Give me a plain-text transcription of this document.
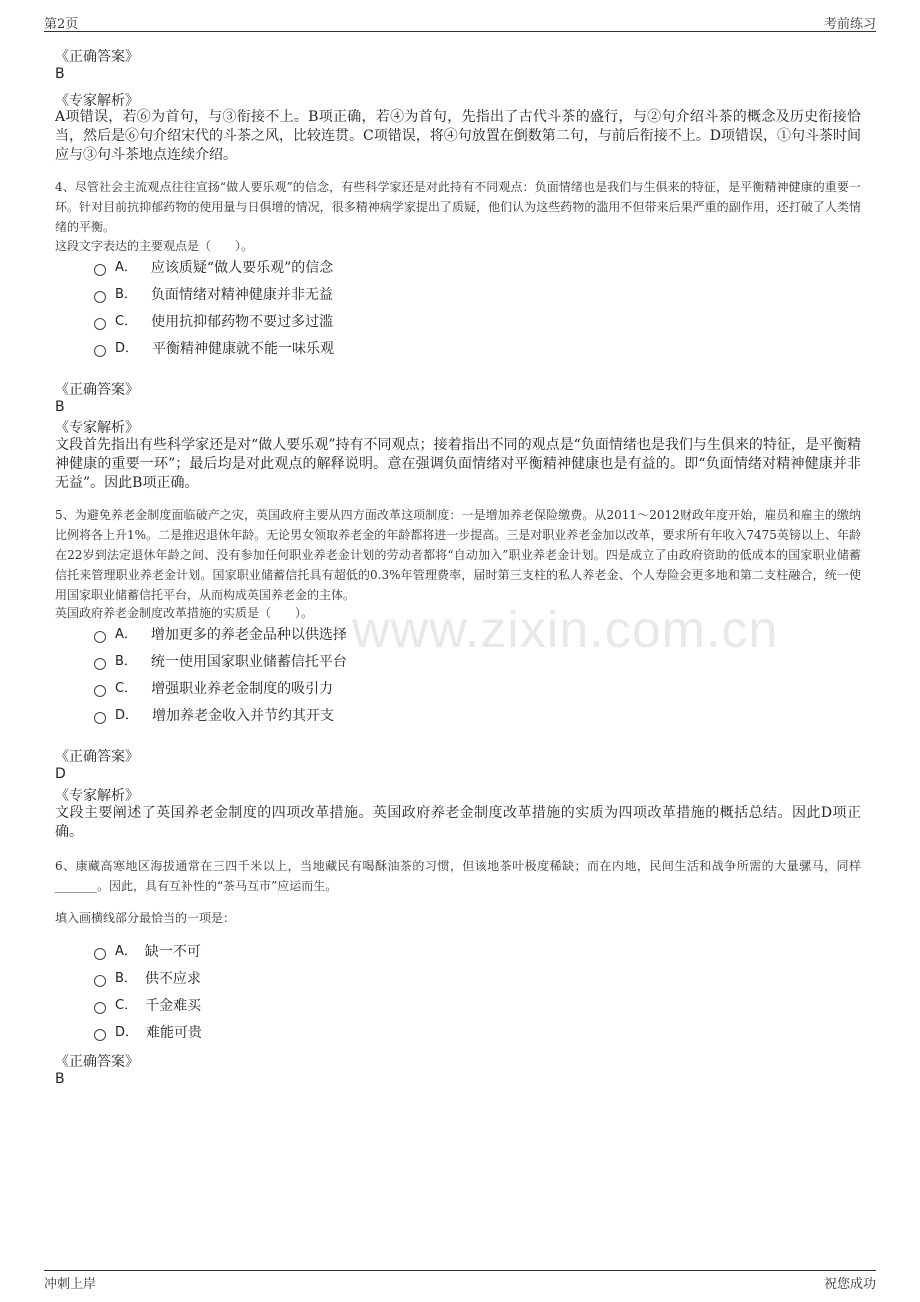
第2页	考前练习
《正确答案》
B
《专家解析》
A项错误，若⑥为首句，与③衔接不上。B项正确，若④为首句，先指出了古代斗茶的盛行，与②句介绍斗茶的概念及历史衔接恰当，然后是⑥句介绍宋代的斗茶之风，比较连贯。C项错误，将④句放置在倒数第二句，与前后衔接不上。D项错误，①句斗茶时间应与③句斗茶地点连续介绍。
4、尽管社会主流观点往往宣扬“做人要乐观”的信念，有些科学家还是对此持有不同观点：负面情绪也是我们与生俱来的特征，是平衡精神健康的重要一环。针对目前抗抑郁药物的使用量与日俱增的情况，很多精神病学家提出了质疑，他们认为这些药物的滥用不但带来后果严重的副作用，还打破了人类情绪的平衡。
这段文字表达的主要观点是（　　）。
A． 应该质疑“做人要乐观”的信念
B． 负面情绪对精神健康并非无益
C． 使用抗抑郁药物不要过多过滥
D． 平衡精神健康就不能一味乐观
《正确答案》
B
《专家解析》
文段首先指出有些科学家还是对“做人要乐观”持有不同观点；接着指出不同的观点是“负面情绪也是我们与生俱来的特征，是平衡精神健康的重要一环”；最后均是对此观点的解释说明。意在强调负面情绪对平衡精神健康也是有益的。即“负面情绪对精神健康并非无益”。因此B项正确。
5、为避免养老金制度面临破产之灾，英国政府主要从四方面改革这项制度：一是增加养老保险缴费。从2011～2012财政年度开始，雇员和雇主的缴纳比例将各上升1%。二是推迟退休年龄。无论男女领取养老金的年龄都将进一步提高。三是对职业养老金加以改革，要求所有年收入7475英镑以上、年龄在22岁到法定退休年龄之间、没有参加任何职业养老金计划的劳动者都将“自动加入”职业养老金计划。四是成立了由政府资助的低成本的国家职业储蓄信托来管理职业养老金计划。国家职业储蓄信托具有超低的0.3%年管理费率，届时第三支柱的私人养老金、个人寿险会更多地和第二支柱融合，统一使用国家职业储蓄信托平台，从而构成英国养老金的主体。
英国政府养老金制度改革措施的实质是（　　）。
A． 增加更多的养老金品种以供选择
B． 统一使用国家职业储蓄信托平台
C． 增强职业养老金制度的吸引力
D． 增加养老金收入并节约其开支
《正确答案》
D
《专家解析》
文段主要阐述了英国养老金制度的四项改革措施。英国政府养老金制度改革措施的实质为四项改革措施的概括总结。因此D项正确。
6、康藏高寒地区海拔通常在三四千米以上，当地藏民有喝酥油茶的习惯，但该地茶叶极度稀缺；而在内地，民间生活和战争所需的大量骡马，同样_______。因此，具有互补性的“茶马互市”应运而生。
填入画横线部分最恰当的一项是：
A． 缺一不可
B． 供不应求
C． 千金难买
D． 难能可贵
《正确答案》
B
www.zixin.com.cn
冲刺上岸	祝您成功
